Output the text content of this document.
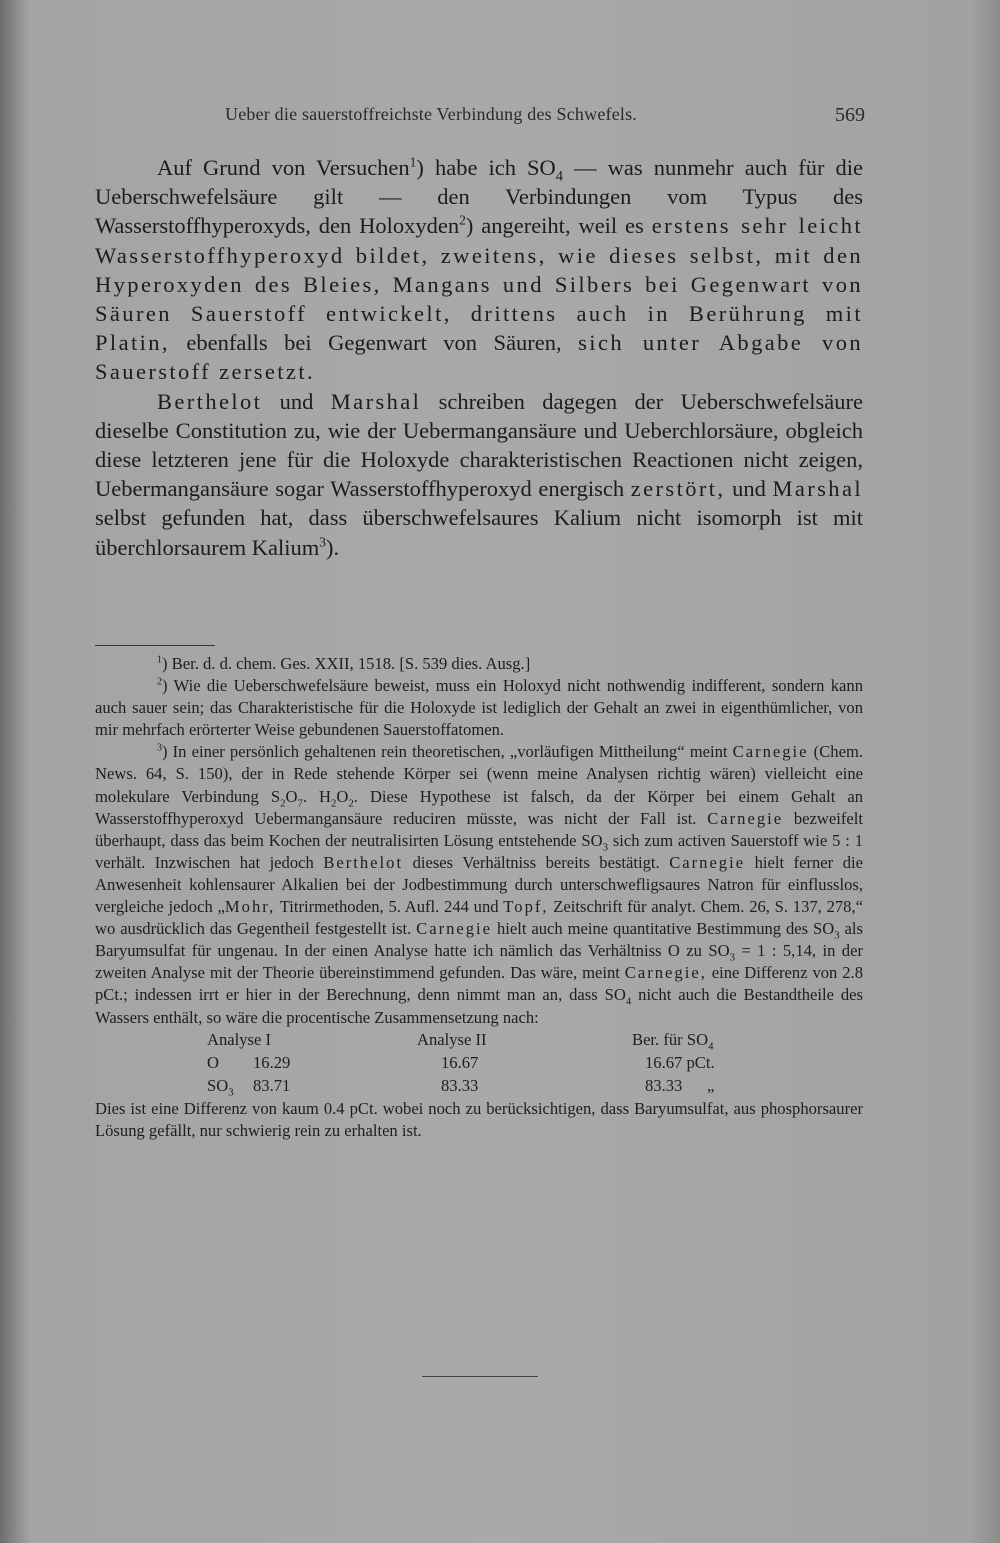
Ueber die sauerstoffreichste Verbindung des Schwefels.	569

Auf Grund von Versuchen$^1$) habe ich $SO_4$ — was nunmehr auch für die Ueberschwefelsäure gilt — den Verbindungen vom Typus des Wasserstoffhyperoxyds, den Holoxyden$^2$) angereiht, weil es erstens sehr leicht Wasserstoffhyperoxyd bildet, zweitens, wie dieses selbst, mit den Hyperoxyden des Bleies, Mangans und Silbers bei Gegenwart von Säuren Sauerstoff entwickelt, drittens auch in Berührung mit Platin, ebenfalls bei Gegenwart von Säuren, sich unter Abgabe von Sauerstoff zersetzt.

Berthelot und Marshal schreiben dagegen der Ueberschwefelsäure dieselbe Constitution zu, wie der Uebermangansäure und Ueberchlorsäure, obgleich diese letzteren jene für die Holoxyde charakteristischen Reactionen nicht zeigen, Uebermangansäure sogar Wasserstoffhyperoxyd energisch zerstört, und Marshal selbst gefunden hat, dass überschwefelsaures Kalium nicht isomorph ist mit überchlorsaurem Kalium$^3$).

$^1$) Ber. d. d. chem. Ges. XXII, 1518. [S. 539 dies. Ausg.]

$^2$) Wie die Ueberschwefelsäure beweist, muss ein Holoxyd nicht nothwendig indifferent, sondern kann auch sauer sein; das Charakteristische für die Holoxyde ist lediglich der Gehalt an zwei in eigenthümlicher, von mir mehrfach erörterter Weise gebundenen Sauerstoffatomen.

$^3$) In einer persönlich gehaltenen rein theoretischen, „vorläufigen Mittheilung“ meint Carnegie (Chem. News. 64, S. 150), der in Rede stehende Körper sei (wenn meine Analysen richtig wären) vielleicht eine molekulare Verbindung $S_2O_7$. $H_2O_2$. Diese Hypothese ist falsch, da der Körper bei einem Gehalt an Wasserstoffhyperoxyd Uebermangansäure reduciren müsste, was nicht der Fall ist. Carnegie bezweifelt überhaupt, dass das beim Kochen der neutralisirten Lösung entstehende $SO_3$ sich zum activen Sauerstoff wie 5 : 1 verhält. Inzwischen hat jedoch Berthelot dieses Verhältniss bereits bestätigt. Carnegie hielt ferner die Anwesenheit kohlensaurer Alkalien bei der Jodbestimmung durch unterschwefligsaures Natron für einflusslos, vergleiche jedoch „Mohr, Titrirmethoden, 5. Aufl. 244 und Topf, Zeitschrift für analyt. Chem. 26, S. 137, 278,“ wo ausdrücklich das Gegentheil festgestellt ist. Carnegie hielt auch meine quantitative Bestimmung des $SO_3$ als Baryumsulfat für ungenau. In der einen Analyse hatte ich nämlich das Verhältniss O zu $SO_3 = 1$ : 5,14, in der zweiten Analyse mit der Theorie übereinstimmend gefunden. Das wäre, meint Carnegie, eine Differenz von 2.8 pCt.; indessen irrt er hier in der Berechnung, denn nimmt man an, dass $SO_4$ nicht auch die Bestandtheile des Wassers enthält, so wäre die procentische Zusammensetzung nach:

Analyse I	Analyse II	Ber. für $SO_4$
O 16.29	16.67	16.67 pCt.
$SO_3$ 83.71	83.33	83.33 „

Dies ist eine Differenz von kaum 0.4 pCt. wobei noch zu berücksichtigen, dass Baryumsulfat, aus phosphorsaurer Lösung gefällt, nur schwierig rein zu erhalten ist.
